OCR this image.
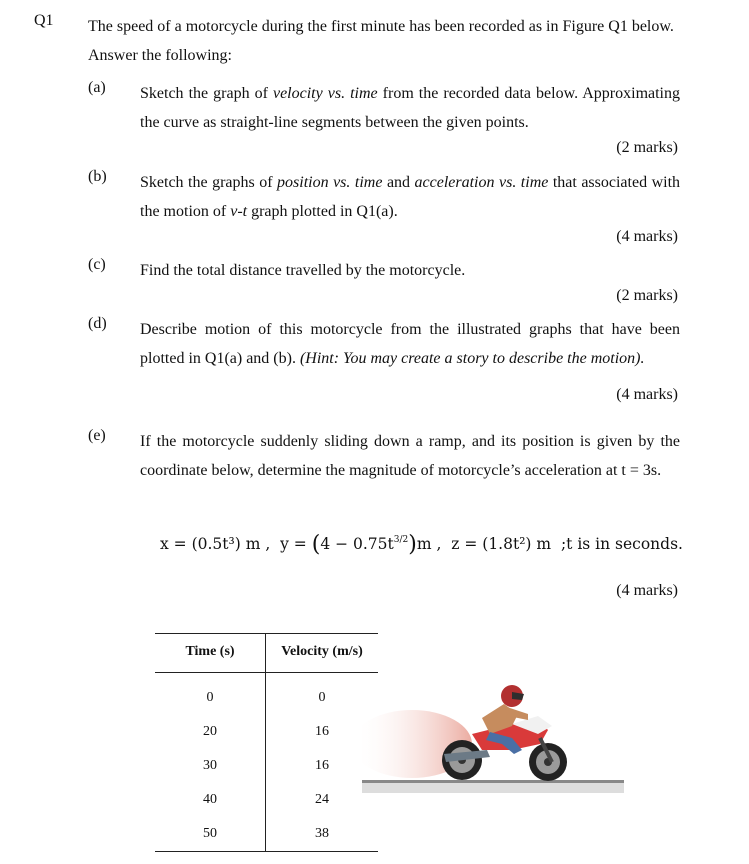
Q1 The speed of a motorcycle during the first minute has been recorded as in Figure Q1 below. Answer the following:
(a) Sketch the graph of velocity vs. time from the recorded data below. Approximating the curve as straight-line segments between the given points.
(2 marks)
(b) Sketch the graphs of position vs. time and acceleration vs. time that associated with the motion of v-t graph plotted in Q1(a).
(4 marks)
(c) Find the total distance travelled by the motorcycle.
(2 marks)
(d) Describe motion of this motorcycle from the illustrated graphs that have been plotted in Q1(a) and (b). (Hint: You may create a story to describe the motion).
(4 marks)
(e) If the motorcycle suddenly sliding down a ramp, and its position is given by the coordinate below, determine the magnitude of motorcycle’s acceleration at t = 3s.
x = (0.5t³) m , $y = (4 - 0.75t^{3/2})m$ , z = (1.8t²) m ;t is in seconds.
(4 marks)
Time (s)	Velocity (m/s)
0	0
20	16
30	16
40	24
50	38
